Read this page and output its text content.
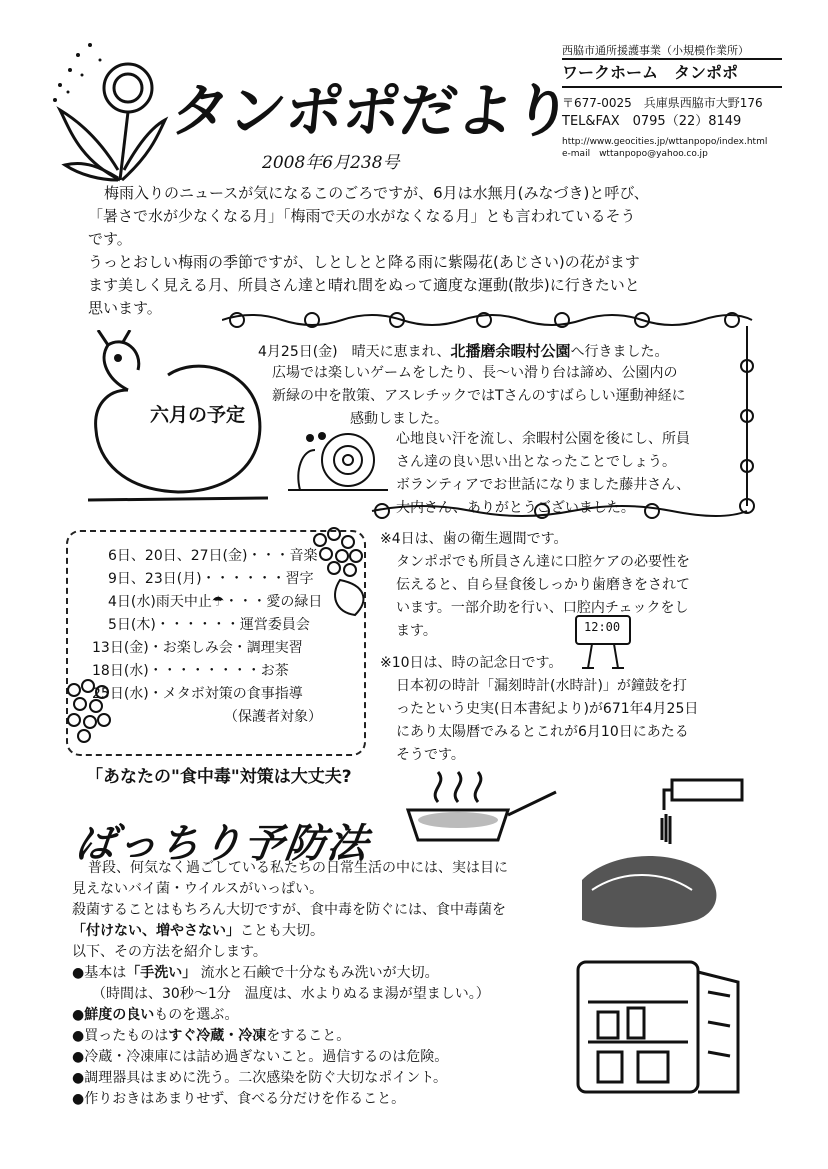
タンポポだより
2008年6月238号
西脇市通所援護事業（小規模作業所）
ワークホーム　タンポポ
〒677-0025　兵庫県西脇市大野176
TEL&FAX　0795（22）8149
http://www.geocities.jp/wttanpopo/index.html
e-mail　wttanpopo@yahoo.co.jp
梅雨入りのニュースが気になるこのごろですが、6月は水無月(みなづき)と呼び、
「暑さで水が少なくなる月」「梅雨で天の水がなくなる月」とも言われているそう
です。
うっとおしい梅雨の季節ですが、しとしとと降る雨に紫陽花(あじさい)の花がます
ます美しく見える月、所員さん達と晴れ間をぬって適度な運動(散歩)に行きたいと
思います。
六月の予定
4月25日(金)　晴天に恵まれ、北播磨余暇村公園へ行きました。
広場では楽しいゲームをしたり、長〜い滑り台は諦め、公園内の
新緑の中を散策、アスレチックではTさんのすばらしい運動神経に
感動しました。
心地良い汗を流し、余暇村公園を後にし、所員
さん達の良い思い出となったことでしょう。
ボランティアでお世話になりました藤井さん、
大内さん、ありがとうございました。
6日、20日、27日(金)・・・音楽
9日、23日(月)・・・・・・習字
4日(水)雨天中止☂・・・愛の緑日
5日(木)・・・・・・運営委員会
13日(金)・お楽しみ会・調理実習
18日(水)・・・・・・・・お茶
25日(水)・メタボ対策の食事指導
（保護者対象）
※4日は、歯の衛生週間です。
タンポポでも所員さん達に口腔ケアの必要性を
伝えると、自ら昼食後しっかり歯磨きをされて
います。一部介助を行い、口腔内チェックをし
ます。	12:00
※10日は、時の記念日です。
日本初の時計「漏刻時計(水時計)」が鐘鼓を打
ったという史実(日本書紀より)が671年4月25日
にあり太陽暦でみるとこれが6月10日にあたる
そうです。
「あなたの"食中毒"対策は大丈夫?
ばっちり予防法
普段、何気なく過ごしている私たちの日常生活の中には、実は目に
見えないバイ菌・ウイルスがいっぱい。
殺菌することはもちろん大切ですが、食中毒を防ぐには、食中毒菌を
「付けない、増やさない」ことも大切。
以下、その方法を紹介します。
●基本は「手洗い」 流水と石鹸で十分なもみ洗いが大切。
（時間は、30秒〜1分　温度は、水よりぬるま湯が望ましい。）
●鮮度の良いものを選ぶ。
●買ったものはすぐ冷蔵・冷凍をすること。
●冷蔵・冷凍庫には詰め過ぎないこと。過信するのは危険。
●調理器具はまめに洗う。二次感染を防ぐ大切なポイント。
●作りおきはあまりせず、食べる分だけを作ること。
